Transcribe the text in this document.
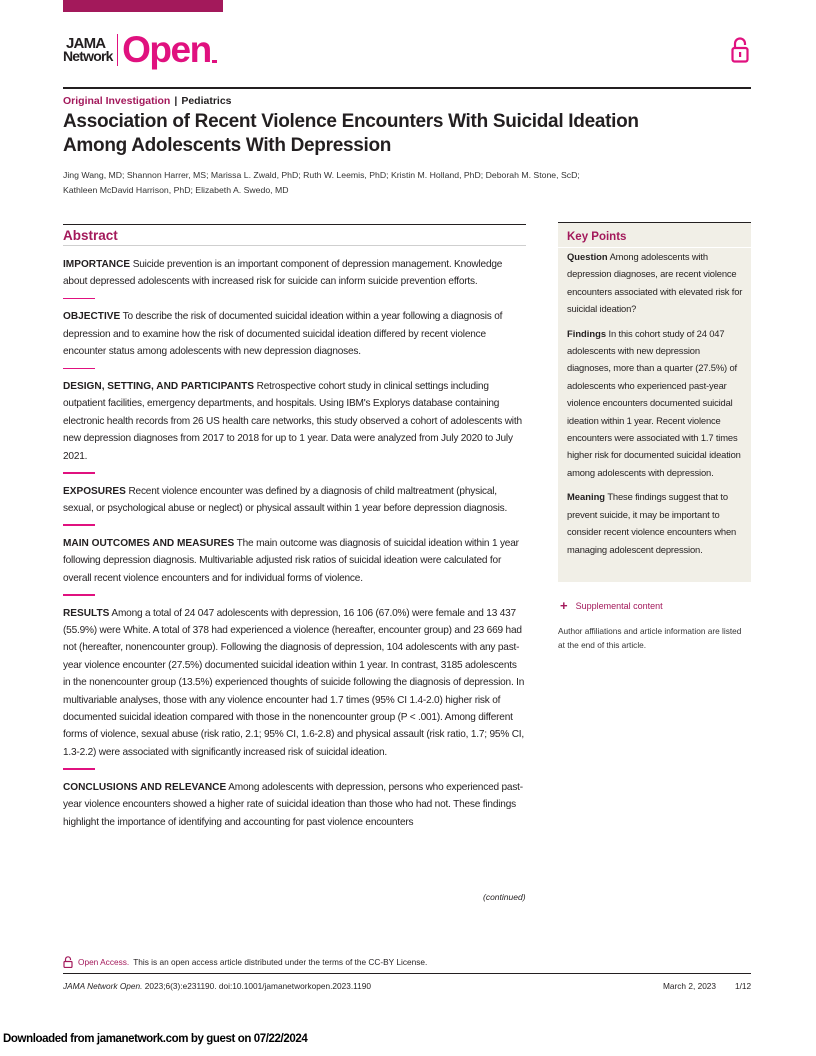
JAMA
Network Open
Original Investigation | Pediatrics
Association of Recent Violence Encounters With Suicidal Ideation
Among Adolescents With Depression
Jing Wang, MD; Shannon Harrer, MS; Marissa L. Zwald, PhD; Ruth W. Leemis, PhD; Kristin M. Holland, PhD; Deborah M. Stone, ScD;
Kathleen McDavid Harrison, PhD; Elizabeth A. Swedo, MD
Abstract

IMPORTANCE Suicide prevention is an important component of depression management. Knowledge about depressed adolescents with increased risk for suicide can inform suicide prevention efforts.

OBJECTIVE To describe the risk of documented suicidal ideation within a year following a diagnosis of depression and to examine how the risk of documented suicidal ideation differed by recent violence encounter status among adolescents with new depression diagnoses.

DESIGN, SETTING, AND PARTICIPANTS Retrospective cohort study in clinical settings including outpatient facilities, emergency departments, and hospitals. Using IBM's Explorys database containing electronic health records from 26 US health care networks, this study observed a cohort of adolescents with new depression diagnoses from 2017 to 2018 for up to 1 year. Data were analyzed from July 2020 to July 2021.

EXPOSURES Recent violence encounter was defined by a diagnosis of child maltreatment (physical, sexual, or psychological abuse or neglect) or physical assault within 1 year before depression diagnosis.

MAIN OUTCOMES AND MEASURES The main outcome was diagnosis of suicidal ideation within 1 year following depression diagnosis. Multivariable adjusted risk ratios of suicidal ideation were calculated for overall recent violence encounters and for individual forms of violence.

RESULTS Among a total of 24 047 adolescents with depression, 16 106 (67.0%) were female and 13 437 (55.9%) were White. A total of 378 had experienced a violence (hereafter, encounter group) and 23 669 had not (hereafter, nonencounter group). Following the diagnosis of depression, 104 adolescents with any past-year violence encounter (27.5%) documented suicidal ideation within 1 year. In contrast, 3185 adolescents in the nonencounter group (13.5%) experienced thoughts of suicide following the diagnosis of depression. In multivariable analyses, those with any violence encounter had 1.7 times (95% CI 1.4-2.0) higher risk of documented suicidal ideation compared with those in the nonencounter group (P < .001). Among different forms of violence, sexual abuse (risk ratio, 2.1; 95% CI, 1.6-2.8) and physical assault (risk ratio, 1.7; 95% CI, 1.3-2.2) were associated with significantly increased risk of suicidal ideation.

CONCLUSIONS AND RELEVANCE Among adolescents with depression, persons who experienced past-year violence encounters showed a higher rate of suicidal ideation than those who had not. These findings highlight the importance of identifying and accounting for past violence encounters

(continued)
Key Points

Question Among adolescents with depression diagnoses, are recent violence encounters associated with elevated risk for suicidal ideation?

Findings In this cohort study of 24 047 adolescents with new depression diagnoses, more than a quarter (27.5%) of adolescents who experienced past-year violence encounters documented suicidal ideation within 1 year. Recent violence encounters were associated with 1.7 times higher risk for documented suicidal ideation among adolescents with depression.

Meaning These findings suggest that to prevent suicide, it may be important to consider recent violence encounters when managing adolescent depression.

+ Supplemental content

Author affiliations and article information are listed at the end of this article.

Open Access. This is an open access article distributed under the terms of the CC-BY License.
JAMA Network Open. 2023;6(3):e231190. doi:10.1001/jamanetworkopen.2023.1190	March 2, 2023 1/12
Downloaded from jamanetwork.com by guest on 07/22/2024
